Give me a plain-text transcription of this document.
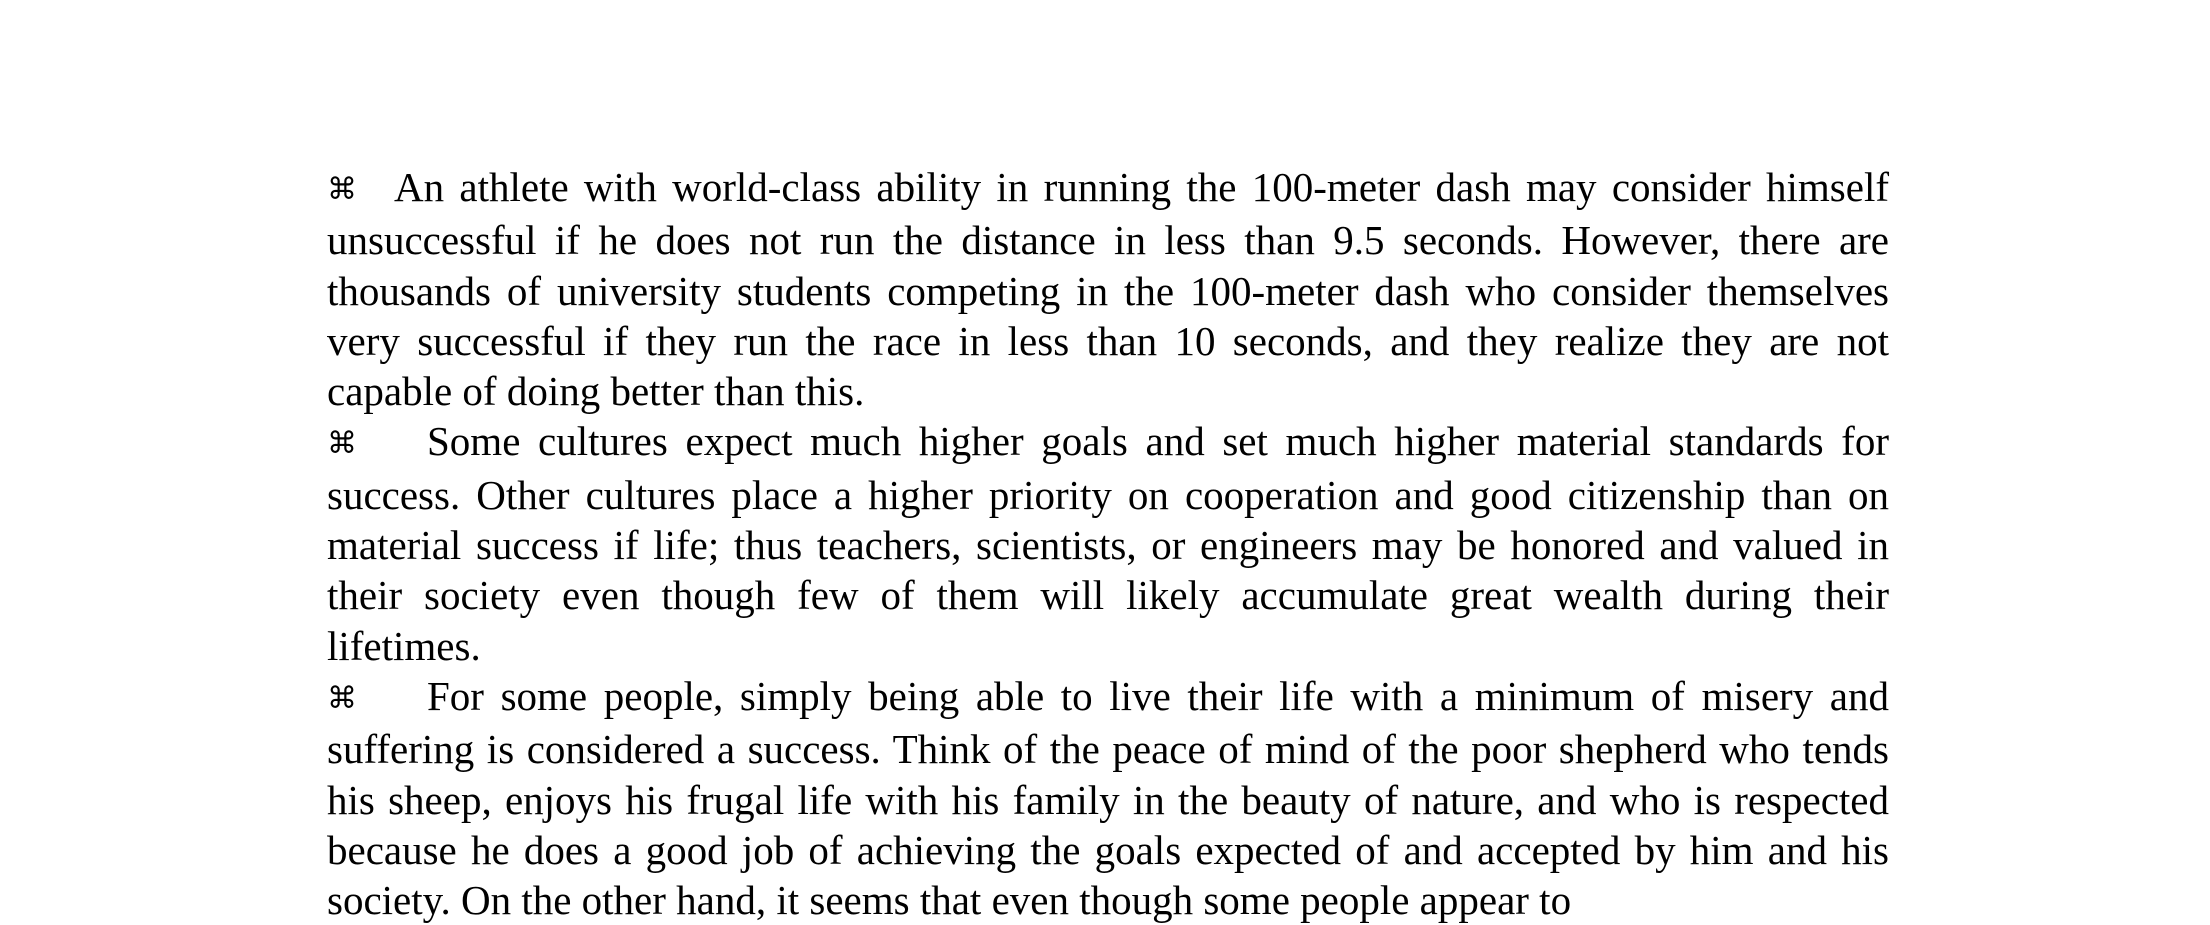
⌘ An athlete with world-class ability in running the 100-meter dash may consider himself unsuccessful if he does not run the distance in less than 9.5 seconds. However, there are thousands of university students competing in the 100-meter dash who consider themselves very successful if they run the race in less than 10 seconds, and they realize they are not capable of doing better than this.

⌘ Some cultures expect much higher goals and set much higher material standards for success. Other cultures place a higher priority on cooperation and good citizenship than on material success if life; thus teachers, scientists, or engineers may be honored and valued in their society even though few of them will likely accumulate great wealth during their lifetimes.

⌘ For some people, simply being able to live their life with a minimum of misery and suffering is considered a success. Think of the peace of mind of the poor shepherd who tends his sheep, enjoys his frugal life with his family in the beauty of nature, and who is respected because he does a good job of achieving the goals expected of and accepted by him and his society. On the other hand, it seems that even though some people appear to
